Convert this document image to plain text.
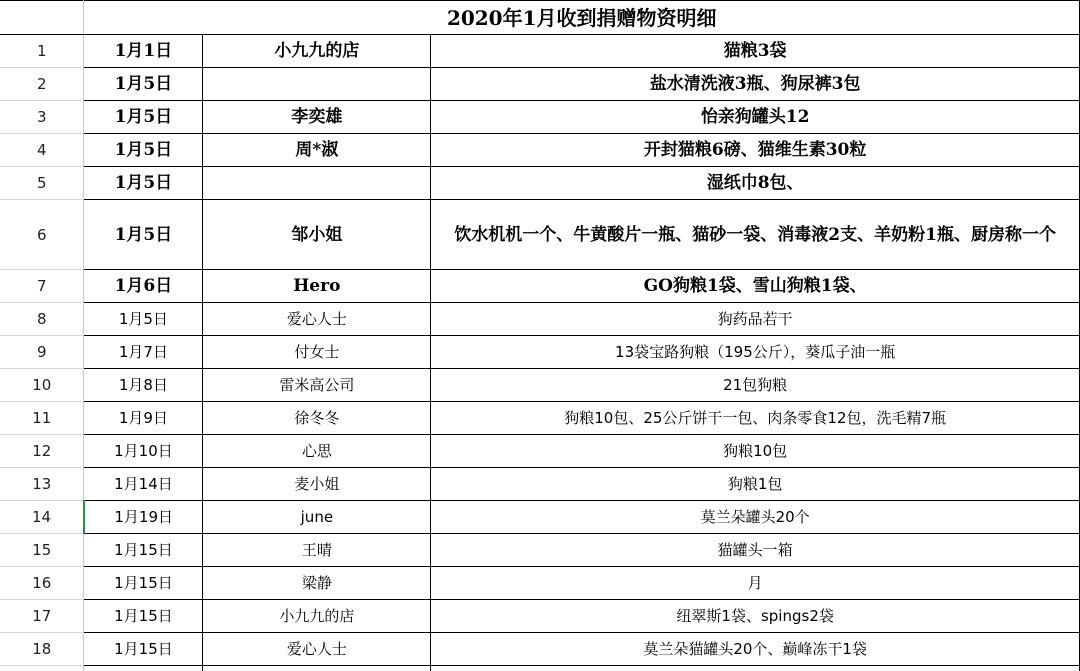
	2020年1月收到捐赠物资明细		
1	1月1日	小九九的店	猫粮3袋
2	1月5日		盐水清洗液3瓶、狗尿裤3包
3	1月5日	李奕雄	怡亲狗罐头12
4	1月5日	周*淑	开封猫粮6磅、猫维生素30粒
5	1月5日		湿纸巾8包、
6	1月5日	邹小姐	饮水机机一个、牛黄酸片一瓶、猫砂一袋、消毒液2支、羊奶粉1瓶、厨房称一个
7	1月6日	Hero	GO狗粮1袋、雪山狗粮1袋、
8	1月5日	爱心人士	狗药品若干
9	1月7日	付女士	13袋宝路狗粮（195公斤），葵瓜子油一瓶
10	1月8日	雷米高公司	21包狗粮
11	1月9日	徐冬冬	狗粮10包、25公斤饼干一包、肉条零食12包，洗毛精7瓶
12	1月10日	心思	狗粮10包
13	1月14日	麦小姐	狗粮1包
14	1月19日	june	莫兰朵罐头20个
15	1月15日	王晴	猫罐头一箱
16	1月15日	梁静	月
17	1月15日	小九九的店	纽翠斯1袋、spings2袋
18	1月15日	爱心人士	莫兰朵猫罐头20个、巅峰冻干1袋
